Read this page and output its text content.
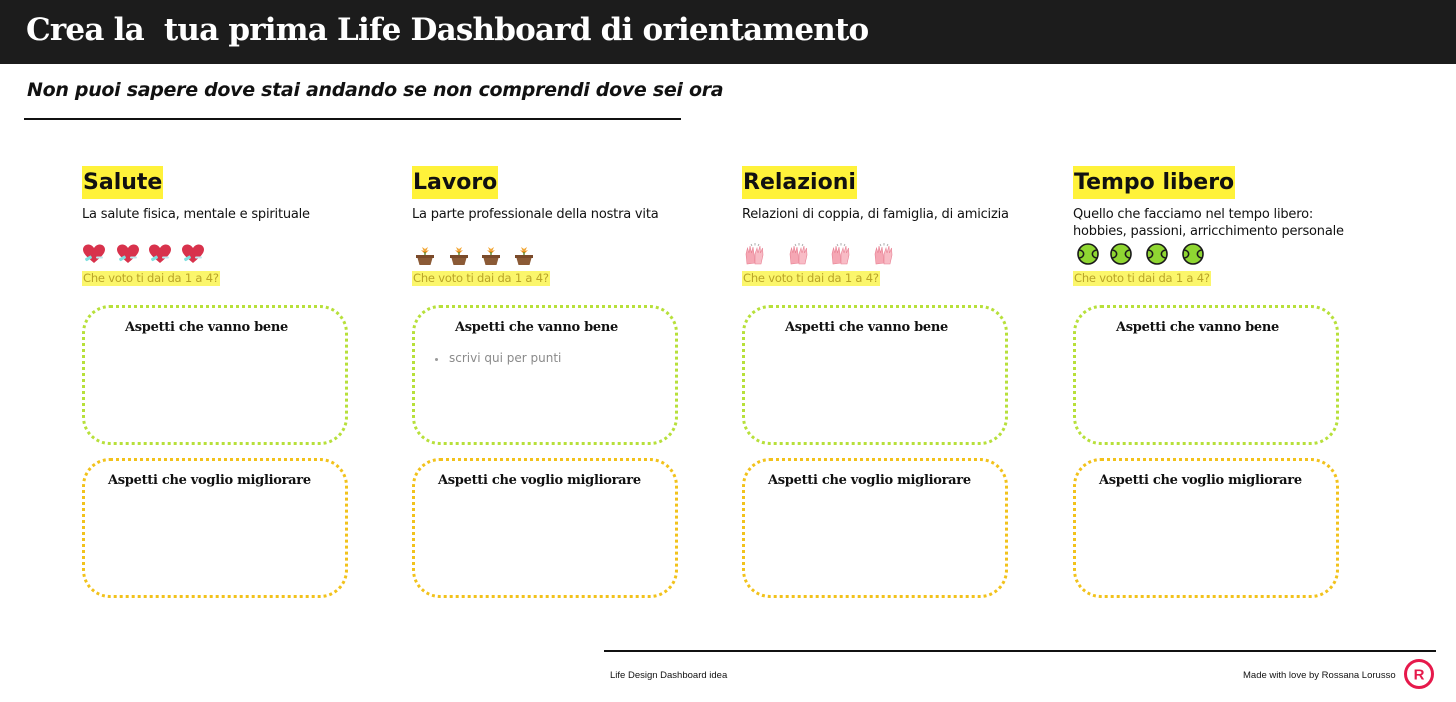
Crea la  tua prima Life Dashboard di orientamento
Non puoi sapere dove stai andando se non comprendi dove sei ora
Salute
La salute fisica, mentale e spirituale
Che voto ti dai da 1 a 4?
Aspetti che vanno bene
Aspetti che voglio migliorare
Lavoro
La parte professionale della nostra vita
Che voto ti dai da 1 a 4?
Aspetti che vanno bene
scrivi qui per punti
Aspetti che voglio migliorare
Relazioni
Relazioni di coppia, di famiglia, di amicizia
Che voto ti dai da 1 a 4?
Aspetti che vanno bene
Aspetti che voglio migliorare
Tempo libero
Quello che facciamo nel tempo libero:
hobbies, passioni, arricchimento personale
Che voto ti dai da 1 a 4?
Aspetti che vanno bene
Aspetti che voglio migliorare
Life Design Dashboard idea	Made with love by Rossana Lorusso R
